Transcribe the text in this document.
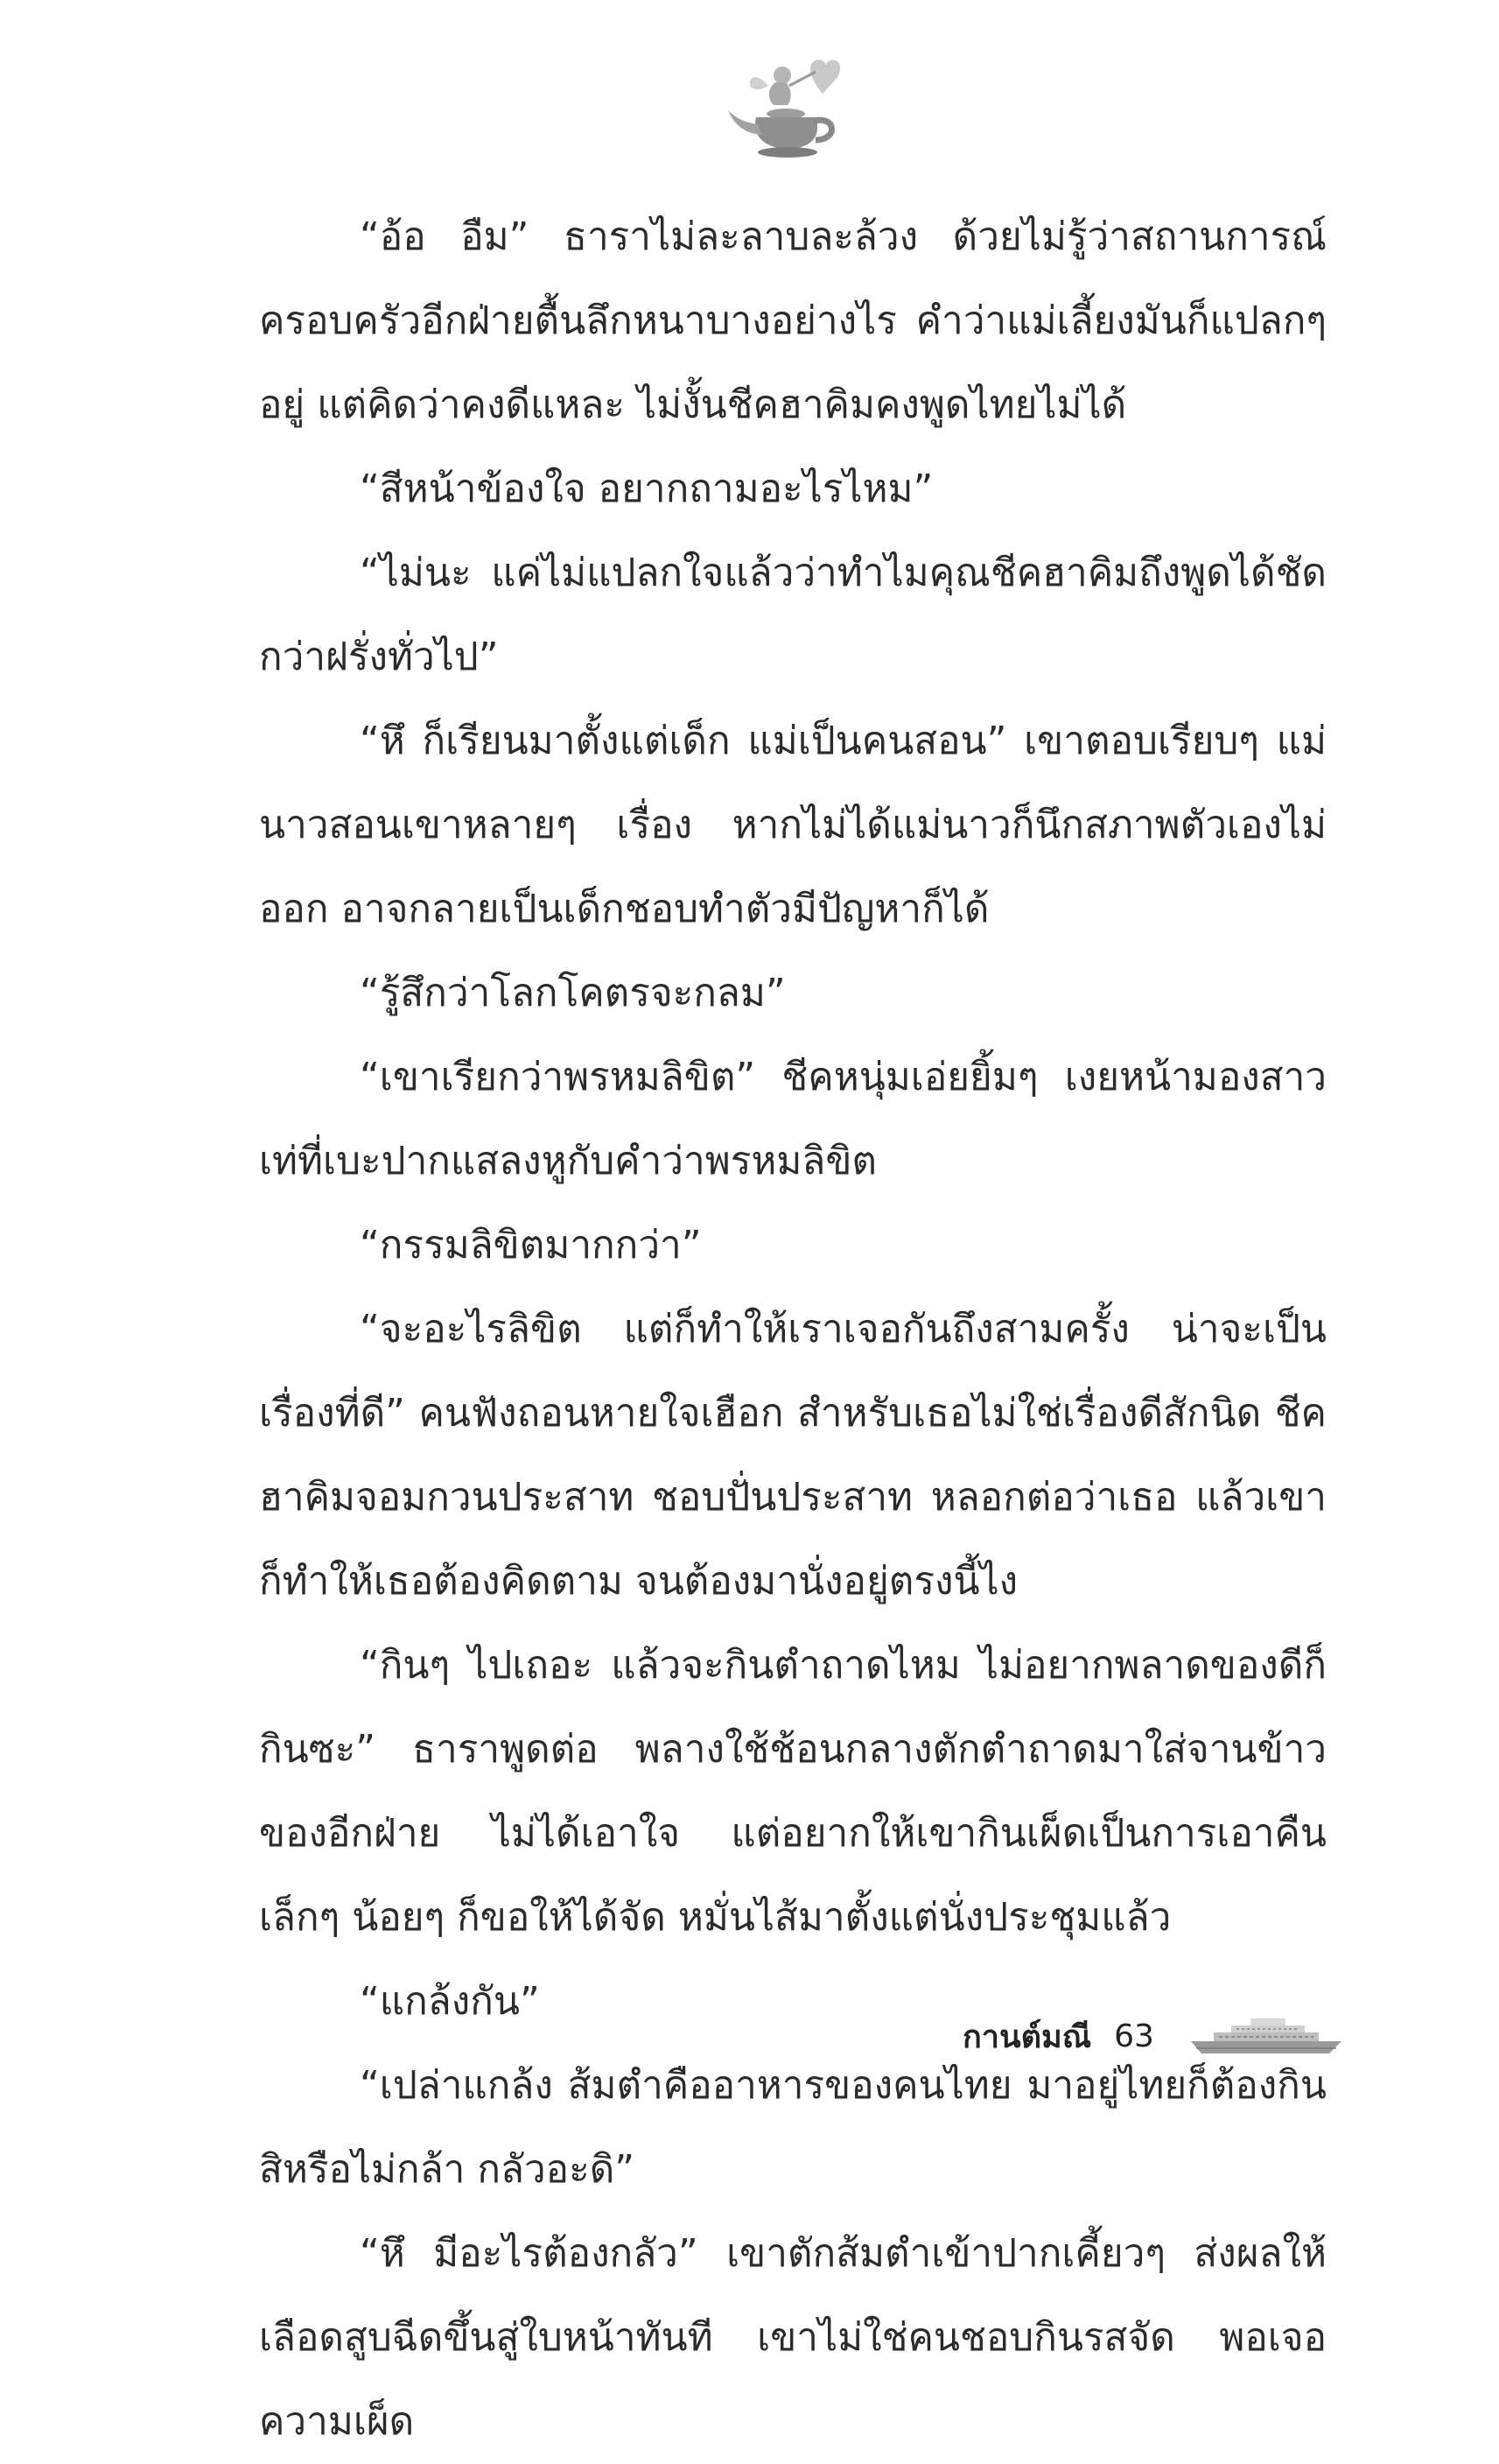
“อ้อ อืม” ธาราไม่ละลาบละล้วง ด้วยไม่รู้ว่าสถานการณ์ครอบครัวอีกฝ่ายตื้นลึกหนาบางอย่างไร คำว่าแม่เลี้ยงมันก็แปลกๆ อยู่ แต่คิดว่าคงดีแหละ ไม่งั้นชีคฮาคิมคงพูดไทยไม่ได้

“สีหน้าข้องใจ อยากถามอะไรไหม”

“ไม่นะ แค่ไม่แปลกใจแล้วว่าทำไมคุณชีคฮาคิมถึงพูดได้ชัดกว่าฝรั่งทั่วไป”

“หึ ก็เรียนมาตั้งแต่เด็ก แม่เป็นคนสอน” เขาตอบเรียบๆ แม่นาวสอนเขาหลายๆ เรื่อง หากไม่ได้แม่นาวก็นึกสภาพตัวเองไม่ออก อาจกลายเป็นเด็กชอบทำตัวมีปัญหาก็ได้

“รู้สึกว่าโลกโคตรจะกลม”

“เขาเรียกว่าพรหมลิขิต” ชีคหนุ่มเอ่ยยิ้มๆ เงยหน้ามองสาวเท่ที่เบะปากแสลงหูกับคำว่าพรหมลิขิต

“กรรมลิขิตมากกว่า”

“จะอะไรลิขิต แต่ก็ทำให้เราเจอกันถึงสามครั้ง น่าจะเป็นเรื่องที่ดี” คนฟังถอนหายใจเฮือก สำหรับเธอไม่ใช่เรื่องดีสักนิด ชีคฮาคิมจอมกวนประสาท ชอบปั่นประสาท หลอกต่อว่าเธอ แล้วเขาก็ทำให้เธอต้องคิดตาม จนต้องมานั่งอยู่ตรงนี้ไง

“กินๆ ไปเถอะ แล้วจะกินตำถาดไหม ไม่อยากพลาดของดีก็กินซะ” ธาราพูดต่อ พลางใช้ช้อนกลางตักตำถาดมาใส่จานข้าวของอีกฝ่าย ไม่ได้เอาใจ แต่อยากให้เขากินเผ็ดเป็นการเอาคืน เล็กๆ น้อยๆ ก็ขอให้ได้จัด หมั่นไส้มาตั้งแต่นั่งประชุมแล้ว

“แกล้งกัน”

“เปล่าแกล้ง ส้มตำคืออาหารของคนไทย มาอยู่ไทยก็ต้องกินสิหรือไม่กล้า กลัวอะดิ”

“หึ มีอะไรต้องกลัว” เขาตักส้มตำเข้าปากเคี้ยวๆ ส่งผลให้เลือดสูบฉีดขึ้นสู่ใบหน้าทันที เขาไม่ใช่คนชอบกินรสจัด พอเจอความเผ็ด

กานต์มณี 63
